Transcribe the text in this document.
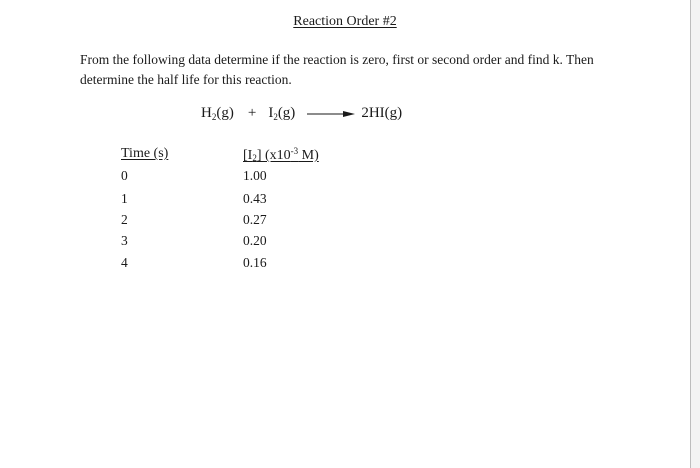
Reaction Order #2
From the following data determine if the reaction is zero, first or second order and find k. Then determine the half life for this reaction.
$H_2(g) + I_2(g) \to 2HI(g)$
Time (s)	$[I_2]$ ($x10^{-3}$ M)
0	1.00
1	0.43
2	0.27
3	0.20
4	0.16
